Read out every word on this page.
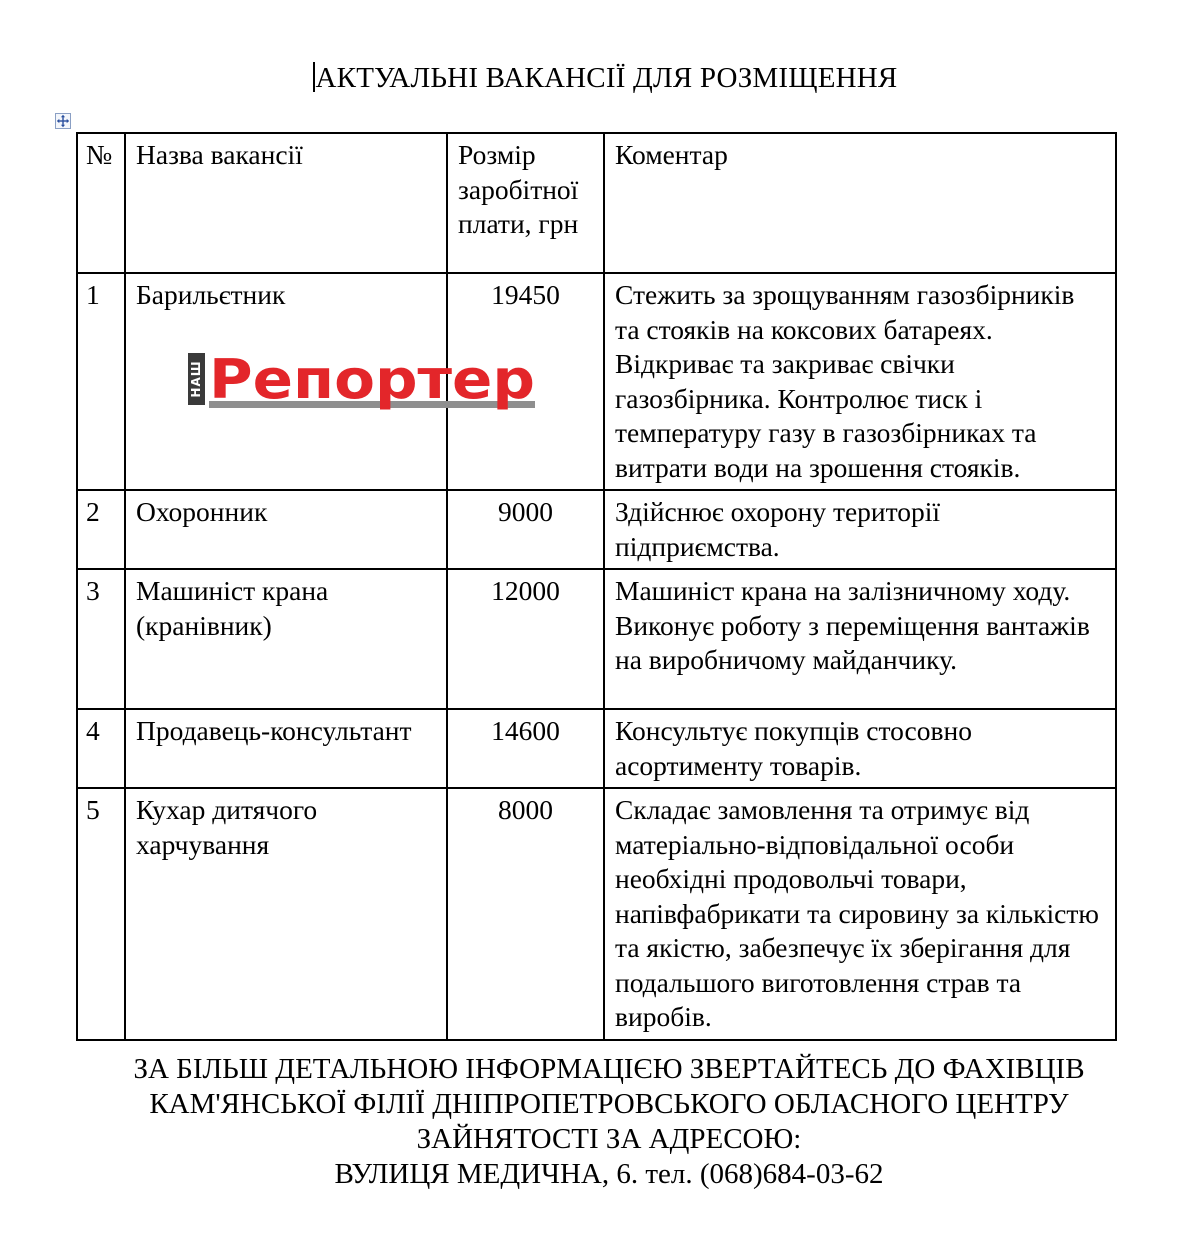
АКТУАЛЬНІ ВАКАНСІЇ ДЛЯ РОЗМІЩЕННЯ
№	Назва вакансії	Розмір заробітної плати, грн	Коментар
1	Барильєтник	19450	Стежить за зрощуванням газозбірників та стояків на коксових батареях. Відкриває та закриває свічки газозбірника. Контролює тиск і температуру газу в газозбірниках та витрати води на зрошення стояків.
2	Охоронник	9000	Здійснює охорону території підприємства.
3	Машиніст крана (кранівник)	12000	Машиніст крана на залізничному ходу. Виконує роботу з переміщення вантажів на виробничому майданчику.
4	Продавець-консультант	14600	Консультує покупців стосовно асортименту товарів.
5	Кухар дитячого харчування	8000	Складає замовлення та отримує від матеріально-відповідальної особи необхідні продовольчі товари, напівфабрикати та сировину за кількістю та якістю, забезпечує їх зберігання для подальшого виготовлення страв та виробів.
НАШ Репортер
ЗА БІЛЬШ ДЕТАЛЬНОЮ ІНФОРМАЦІЄЮ ЗВЕРТАЙТЕСЬ ДО ФАХІВЦІВ
КАМ'ЯНСЬКОЇ ФІЛІЇ ДНІПРОПЕТРОВСЬКОГО ОБЛАСНОГО ЦЕНТРУ
ЗАЙНЯТОСТІ ЗА АДРЕСОЮ:
ВУЛИЦЯ МЕДИЧНА, 6. тел. (068)684-03-62
